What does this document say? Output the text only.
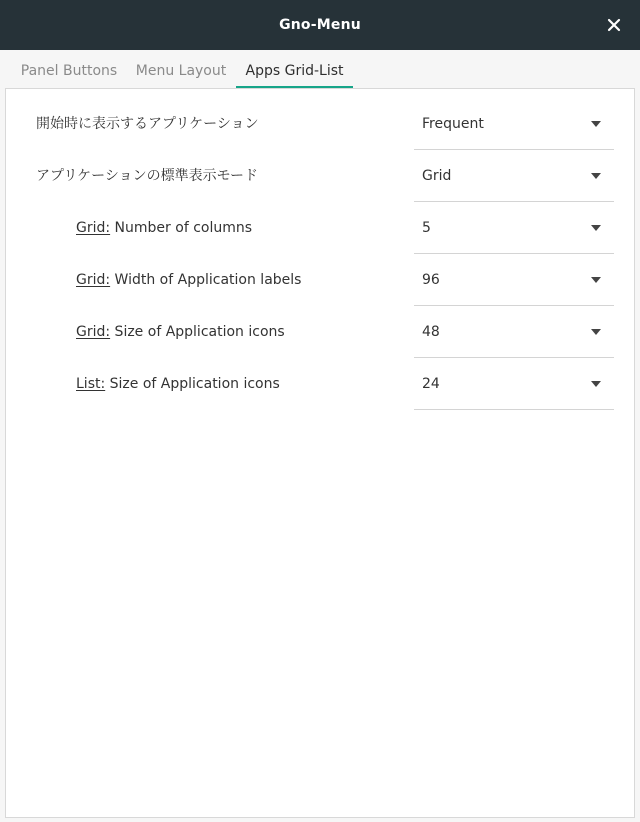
Gno-Menu
Panel Buttons	Menu Layout	Apps Grid-List
開始時に表示するアプリケーション	Frequent
アプリケーションの標準表示モード	Grid
Grid: Number of columns	5
Grid: Width of Application labels	96
Grid: Size of Application icons	48
List: Size of Application icons	24
